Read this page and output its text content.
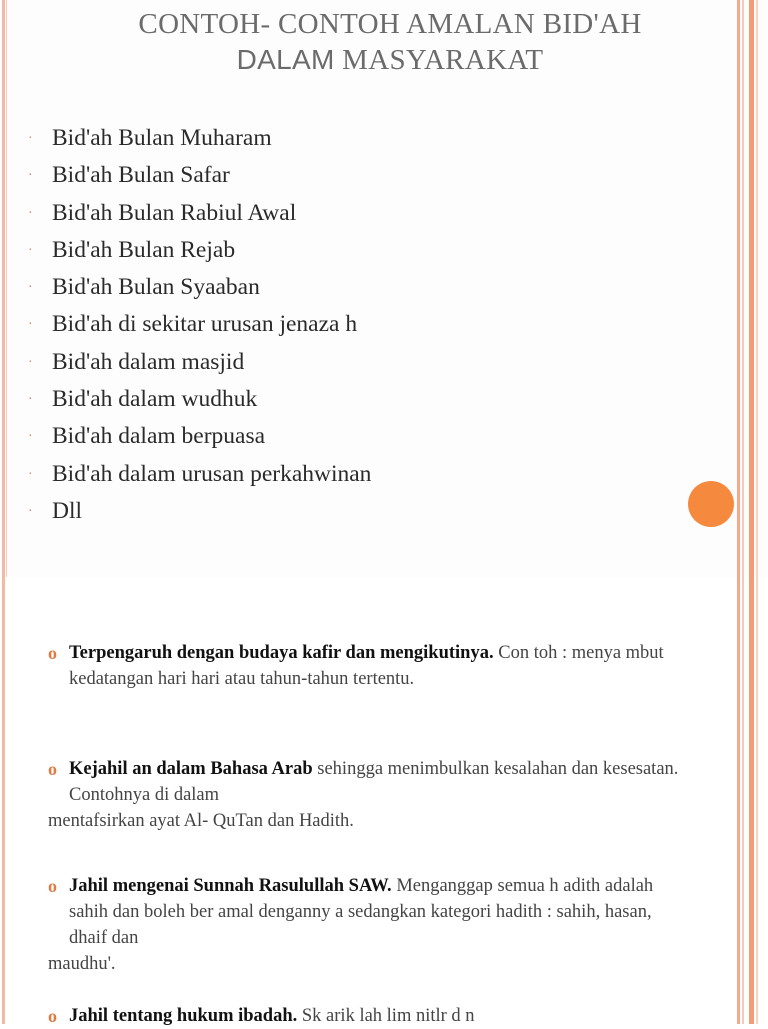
CONTOH- CONTOH AMALAN BID'AH
DALAM MASYARAKAT
· Bid'ah Bulan Muharam
· Bid'ah Bulan Safar
· Bid'ah Bulan Rabiul Awal
· Bid'ah Bulan Rejab
· Bid'ah Bulan Syaaban
· Bid'ah di sekitar urusan jenaza h
· Bid'ah dalam masjid
· Bid'ah dalam wudhuk
· Bid'ah dalam berpuasa
· Bid'ah dalam urusan perkahwinan
· Dll
o Terpengaruh dengan budaya kafir dan mengikutinya. Con toh : menya mbut kedatangan hari hari atau tahun-tahun tertentu.
o Kejahil an dalam Bahasa Arab sehingga menimbulkan kesalahan dan kesesatan. Contohnya di dalam
mentafsirkan ayat Al- QuTan dan Hadith.
o Jahil mengenai Sunnah Rasulullah SAW. Menganggap semua h adith adalah sahih dan boleh ber amal denganny a sedangkan kategori hadith : sahih, hasan, dhaif dan
maudhu'.
o Jahil tentang hukum ibadah. Sk arik lah lim nitlr d n
